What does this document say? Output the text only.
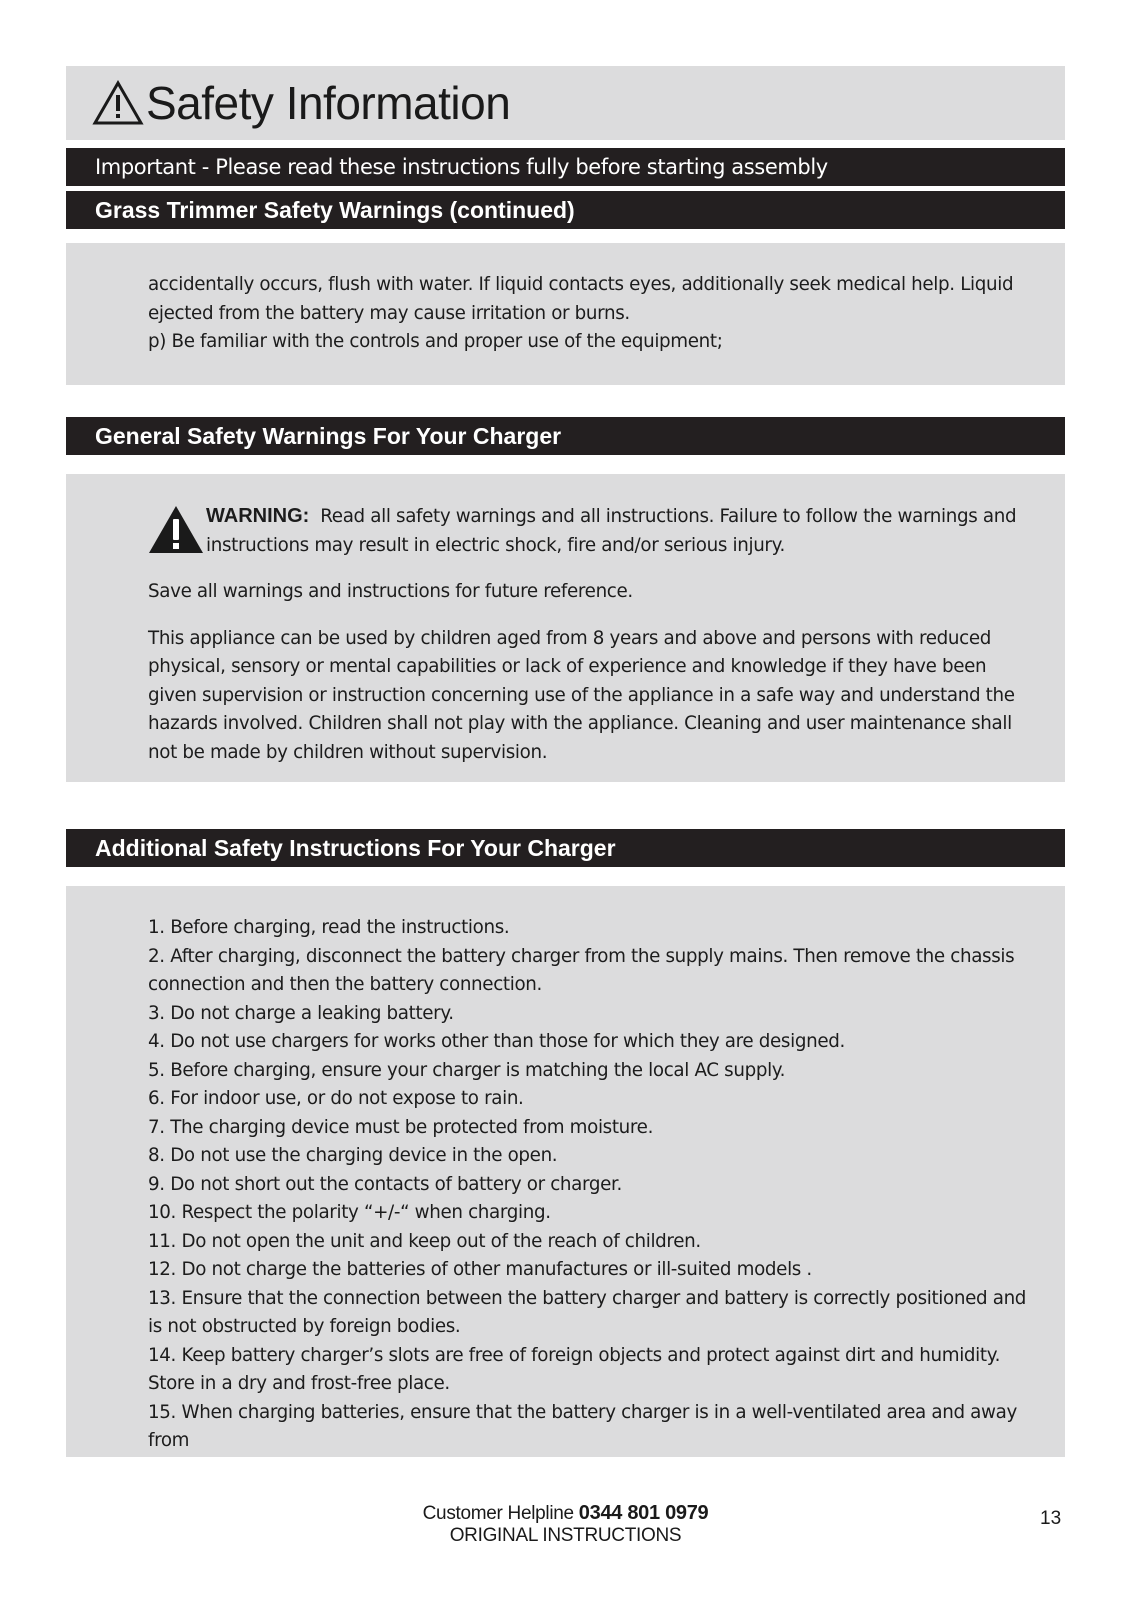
Safety Information
Important - Please read these instructions fully before starting assembly
Grass Trimmer Safety Warnings (continued)

accidentally occurs, flush with water. If liquid contacts eyes, additionally seek medical help. Liquid ejected from the battery may cause irritation or burns.

p) Be familiar with the controls and proper use of the equipment;

General Safety Warnings For Your Charger

WARNING: Read all safety warnings and all instructions. Failure to follow the warnings and instructions may result in electric shock, fire and/or serious injury.

Save all warnings and instructions for future reference.

This appliance can be used by children aged from 8 years and above and persons with reduced physical, sensory or mental capabilities or lack of experience and knowledge if they have been given supervision or instruction concerning use of the appliance in a safe way and understand the hazards involved. Children shall not play with the appliance. Cleaning and user maintenance shall not be made by children without supervision.

Additional Safety Instructions For Your Charger

1. Before charging, read the instructions.

2. After charging, disconnect the battery charger from the supply mains. Then remove the chassis connection and then the battery connection.

3. Do not charge a leaking battery.

4. Do not use chargers for works other than those for which they are designed.

5. Before charging, ensure your charger is matching the local AC supply.

6. For indoor use, or do not expose to rain.

7. The charging device must be protected from moisture.

8. Do not use the charging device in the open.

9. Do not short out the contacts of battery or charger.

10. Respect the polarity “+/-“ when charging.

11. Do not open the unit and keep out of the reach of children.

12. Do not charge the batteries of other manufactures or ill-suited models .

13. Ensure that the connection between the battery charger and battery is correctly positioned and is not obstructed by foreign bodies.

14. Keep battery charger’s slots are free of foreign objects and protect against dirt and humidity. Store in a dry and frost-free place.

15. When charging batteries, ensure that the battery charger is in a well-ventilated area and away from

Customer Helpline 0344 801 0979
ORIGINAL INSTRUCTIONS
13
